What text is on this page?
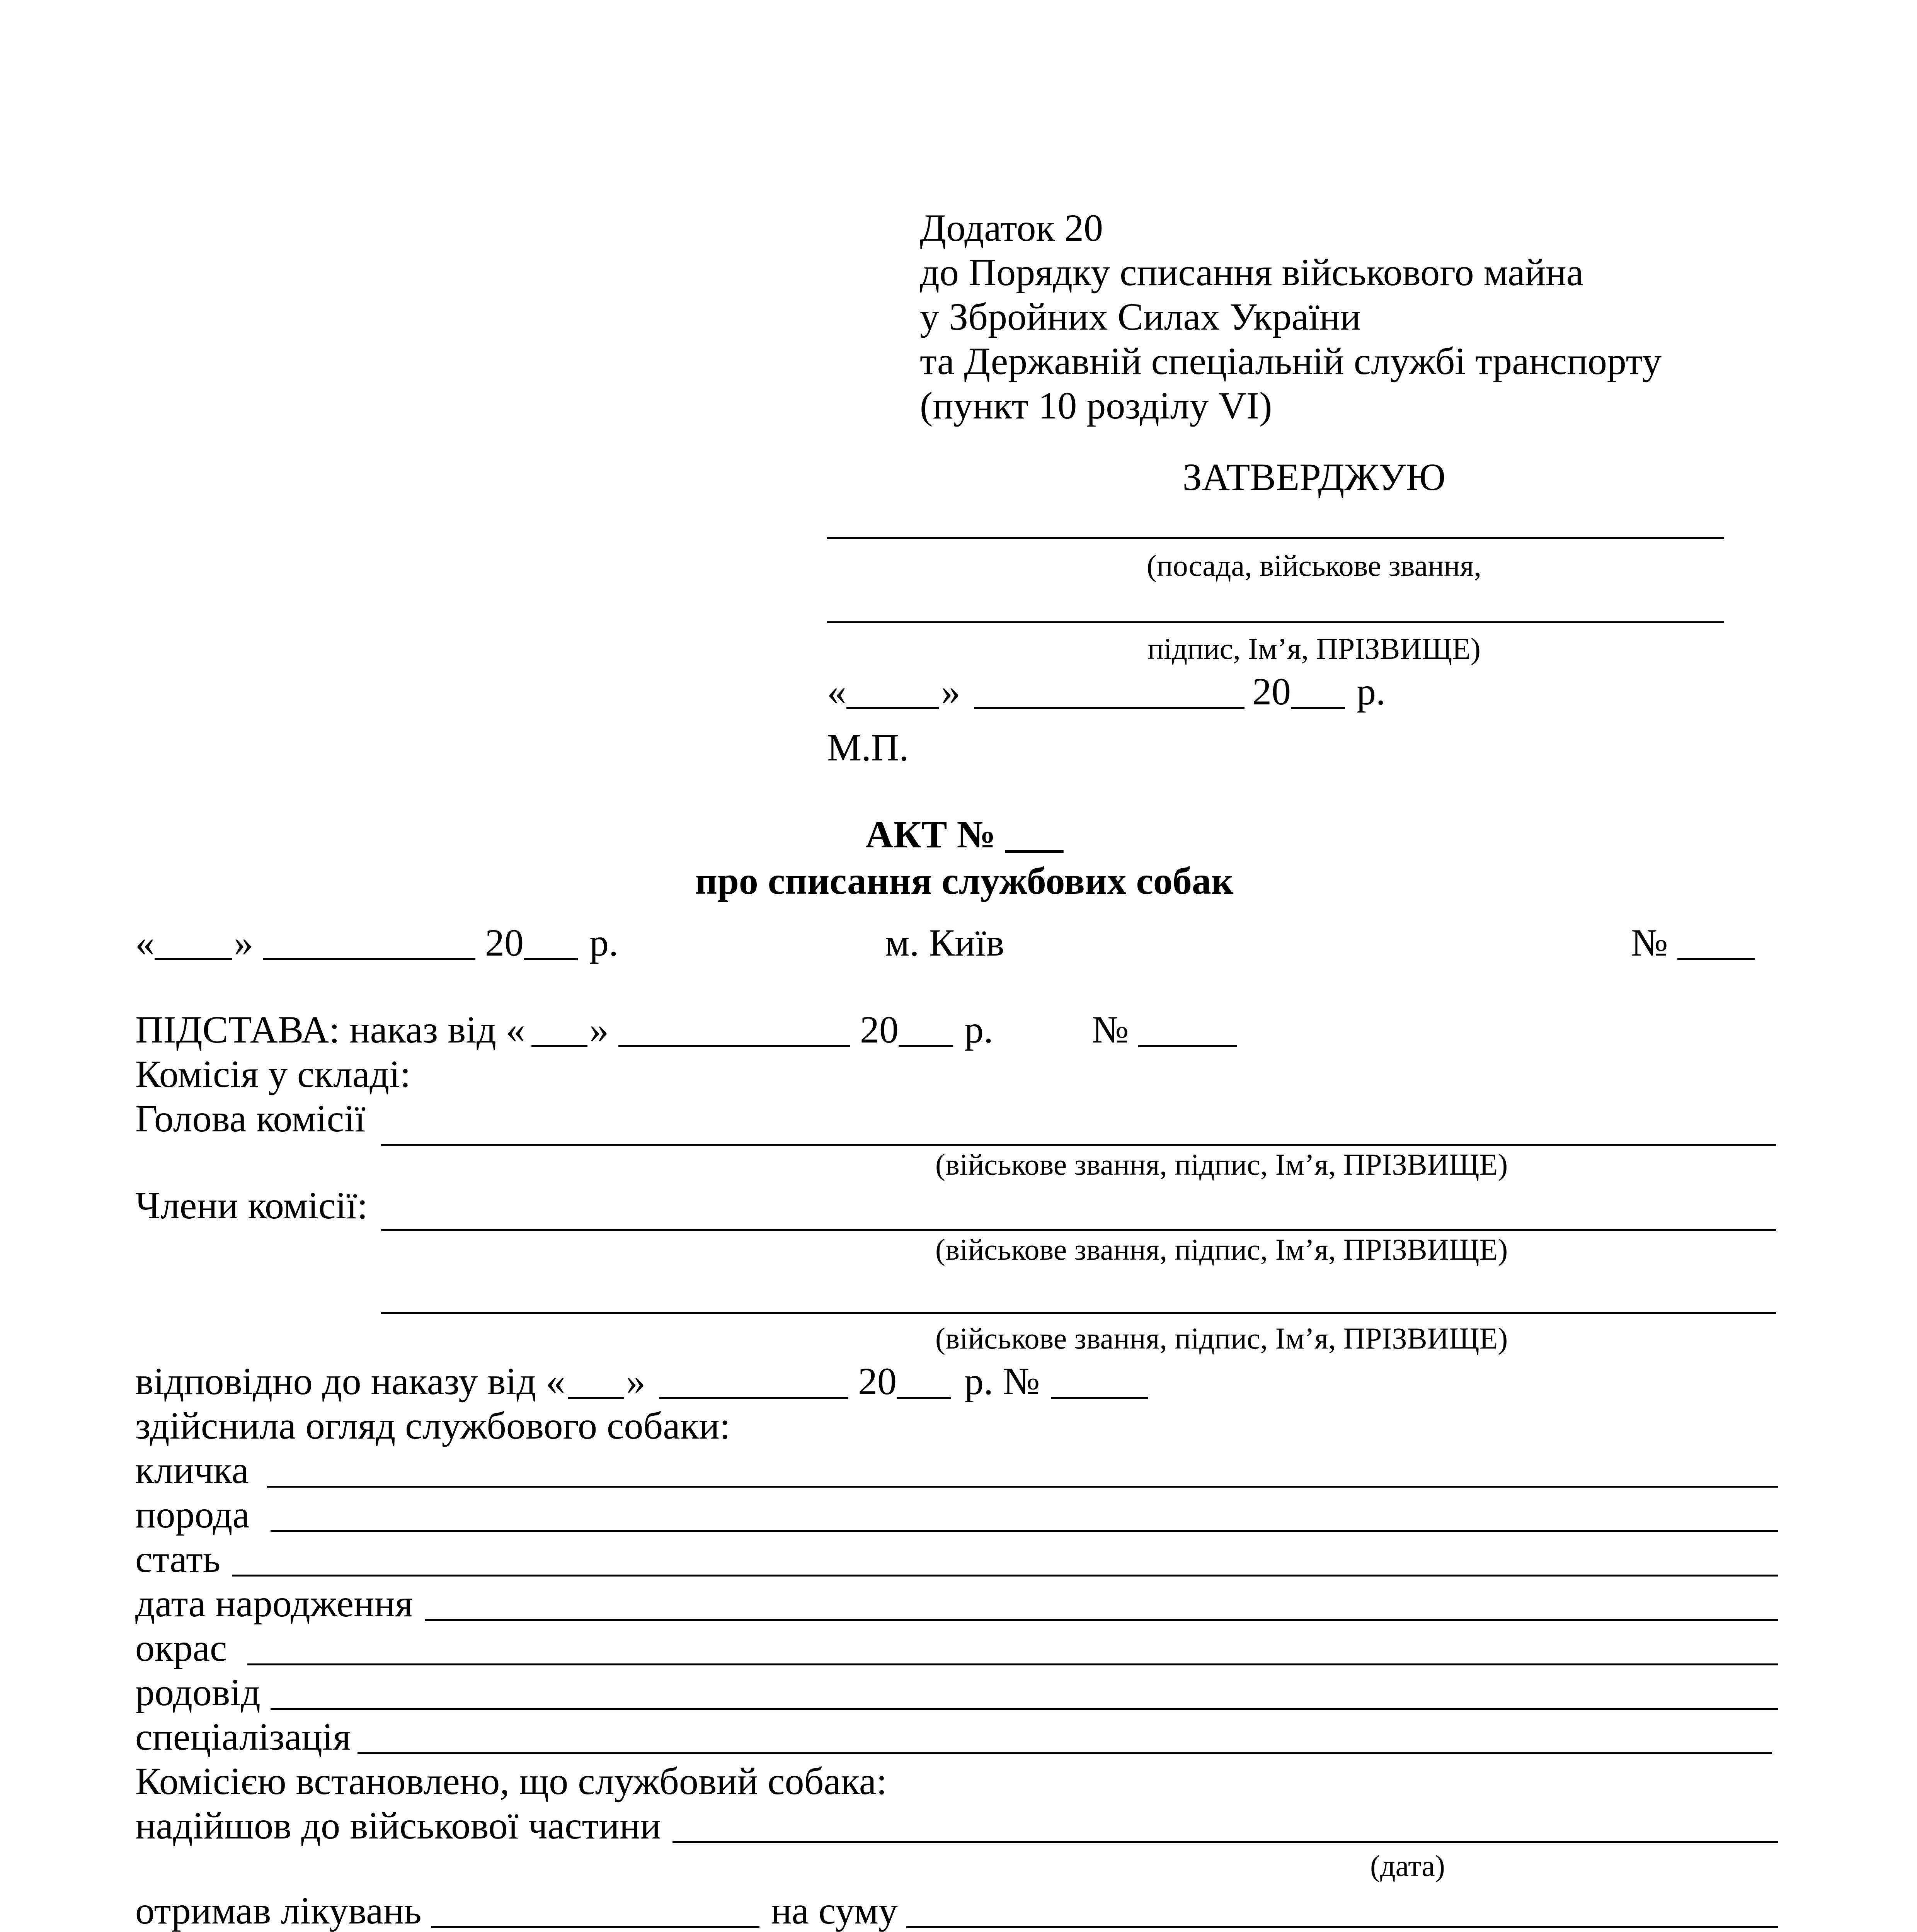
Додаток 20
до Порядку списання військового майна
у Збройних Силах України
та Державній спеціальній службі транспорту
(пункт 10 розділу VI)
ЗАТВЕРДЖУЮ
(посада, військове звання,
підпис, Ім’я, ПРІЗВИЩЕ)
« »	20 р.
М.П.
АКТ № ___
про списання службових собак
« »	20 р.	м. Київ	№
ПІДСТАВА: наказ від « »	20 р.	№
Комісія у складі:
Голова комісії
(військове звання, підпис, Ім’я, ПРІЗВИЩЕ)
Члени комісії:
(військове звання, підпис, Ім’я, ПРІЗВИЩЕ)
(військове звання, підпис, Ім’я, ПРІЗВИЩЕ)
відповідно до наказу від « »	20 р. №
здійснила огляд службового собаки:
кличка
порода
стать
дата народження
окрас
родовід
спеціалізація
Комісією встановлено, що службовий собака:
надійшов до військової частини
(дата)
отримав лікувань	на суму
